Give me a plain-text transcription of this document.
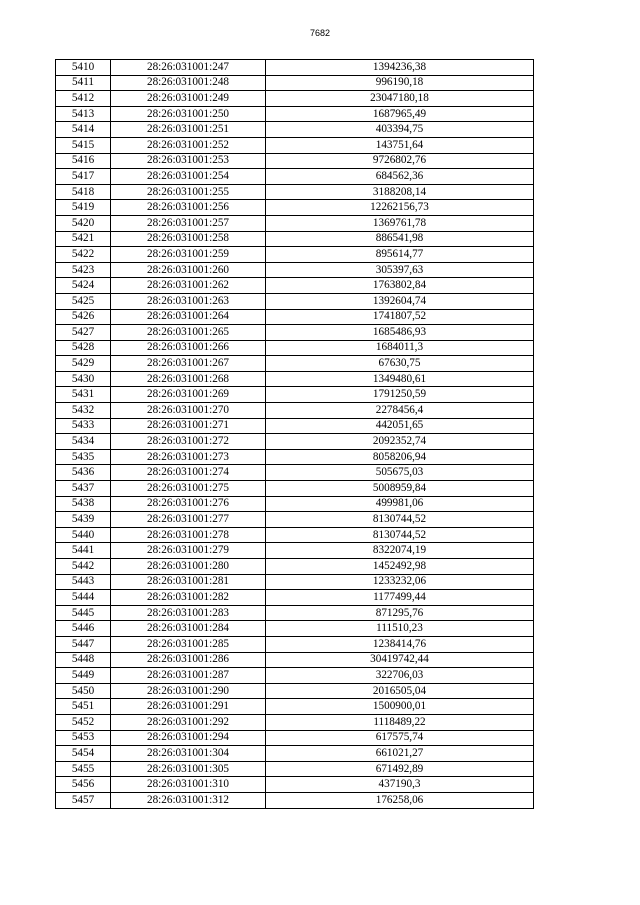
7682
5410	28:26:031001:247	1394236,38
5411	28:26:031001:248	996190,18
5412	28:26:031001:249	23047180,18
5413	28:26:031001:250	1687965,49
5414	28:26:031001:251	403394,75
5415	28:26:031001:252	143751,64
5416	28:26:031001:253	9726802,76
5417	28:26:031001:254	684562,36
5418	28:26:031001:255	3188208,14
5419	28:26:031001:256	12262156,73
5420	28:26:031001:257	1369761,78
5421	28:26:031001:258	886541,98
5422	28:26:031001:259	895614,77
5423	28:26:031001:260	305397,63
5424	28:26:031001:262	1763802,84
5425	28:26:031001:263	1392604,74
5426	28:26:031001:264	1741807,52
5427	28:26:031001:265	1685486,93
5428	28:26:031001:266	1684011,3
5429	28:26:031001:267	67630,75
5430	28:26:031001:268	1349480,61
5431	28:26:031001:269	1791250,59
5432	28:26:031001:270	2278456,4
5433	28:26:031001:271	442051,65
5434	28:26:031001:272	2092352,74
5435	28:26:031001:273	8058206,94
5436	28:26:031001:274	505675,03
5437	28:26:031001:275	5008959,84
5438	28:26:031001:276	499981,06
5439	28:26:031001:277	8130744,52
5440	28:26:031001:278	8130744,52
5441	28:26:031001:279	8322074,19
5442	28:26:031001:280	1452492,98
5443	28:26:031001:281	1233232,06
5444	28:26:031001:282	1177499,44
5445	28:26:031001:283	871295,76
5446	28:26:031001:284	111510,23
5447	28:26:031001:285	1238414,76
5448	28:26:031001:286	30419742,44
5449	28:26:031001:287	322706,03
5450	28:26:031001:290	2016505,04
5451	28:26:031001:291	1500900,01
5452	28:26:031001:292	1118489,22
5453	28:26:031001:294	617575,74
5454	28:26:031001:304	661021,27
5455	28:26:031001:305	671492,89
5456	28:26:031001:310	437190,3
5457	28:26:031001:312	176258,06
